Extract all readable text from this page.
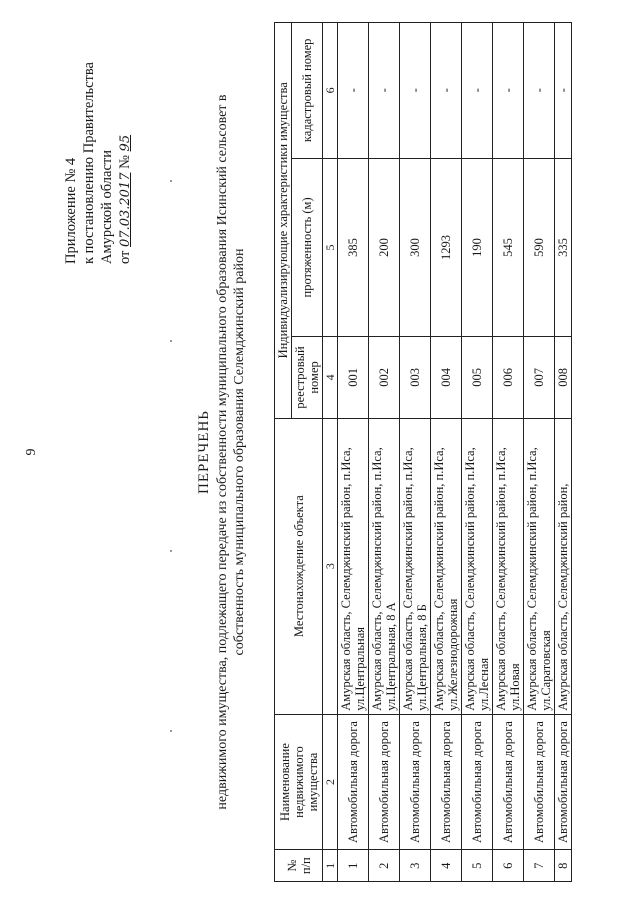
9
Приложение № 4 к постановлению Правительства Амурской области от 07.03.2017 № 95
ПЕРЕЧЕНЬ недвижимого имущества, подлежащего передаче из собственности муниципального образования Исинский сельсовет в собственность муниципального образования Селемджинский район
№ п/п	Наименование недвижимого имущества	Местонахождение объекта	Индивидуализирующие характеристики имущества		
			реестровый номер	протяженность (м)	кадастровый номер
1	2	3	4	5	6
1	Автомобильная дорога	Амурская область, Селемджинский район, п.Иса, ул.Центральная	001	385	-
2	Автомобильная дорога	Амурская область, Селемджинский район, п.Иса, ул.Центральная, 8 А	002	200	-
3	Автомобильная дорога	Амурская область, Селемджинский район, п.Иса, ул.Центральная, 8 Б	003	300	-
4	Автомобильная дорога	Амурская область, Селемджинский район, п.Иса, ул.Железнодорожная	004	1293	-
5	Автомобильная дорога	Амурская область, Селемджинский район, п.Иса, ул.Лесная	005	190	-
6	Автомобильная дорога	Амурская область, Селемджинский район, п.Иса, ул.Новая	006	545	-
7	Автомобильная дорога	Амурская область, Селемджинский район, п.Иса, ул.Саратовская	007	590	-
8	Автомобильная дорога	Амурская область, Селемджинский район,	008	335	-
